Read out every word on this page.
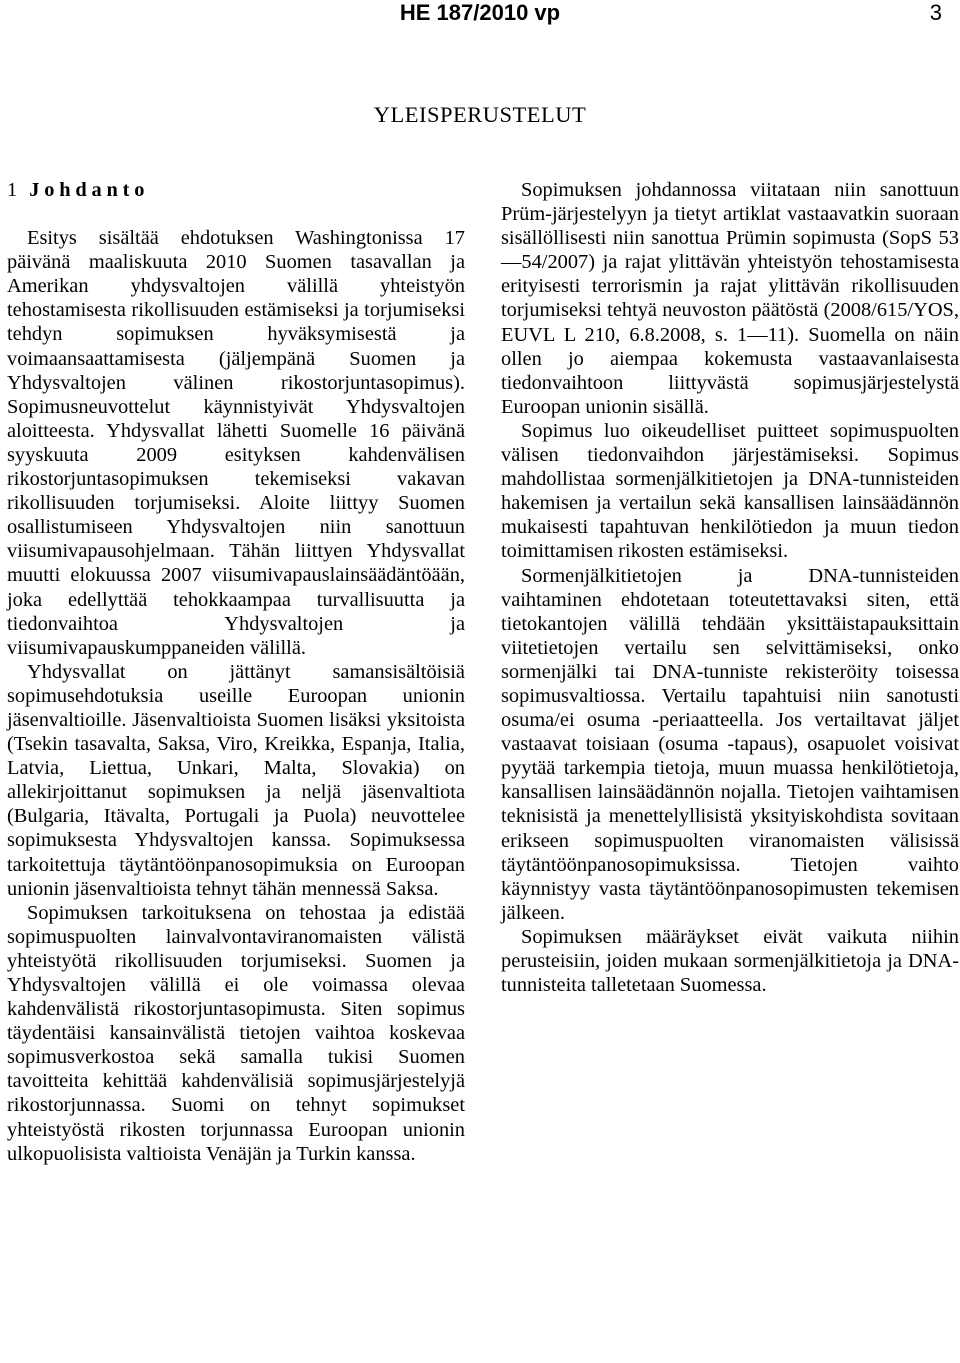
HE 187/2010 vp	3
YLEISPERUSTELUT
1 Johdanto

Esitys sisältää ehdotuksen Washingtonissa 17 päivänä maaliskuuta 2010 Suomen tasavallan ja Amerikan yhdysvaltojen välillä yhteistyön tehostamisesta rikollisuuden estämiseksi ja torjumiseksi tehdyn sopimuksen hyväksymisestä ja voimaansaattamisesta (jäljempänä Suomen ja Yhdysvaltojen välinen rikostorjuntasopimus). Sopimusneuvottelut käynnistyivät Yhdysvaltojen aloitteesta. Yhdysvallat lähetti Suomelle 16 päivänä syyskuuta 2009 esityksen kahdenvälisen rikostorjuntasopimuksen tekemiseksi vakavan rikollisuuden torjumiseksi. Aloite liittyy Suomen osallistumiseen Yhdysvaltojen niin sanottuun viisumivapausohjelmaan. Tähän liittyen Yhdysvallat muutti elokuussa 2007 viisumivapauslainsäädäntöään, joka edellyttää tehokkaampaa turvallisuutta ja tiedonvaihtoa Yhdysvaltojen ja viisumivapauskumppaneiden välillä.

Yhdysvallat on jättänyt samansisältöisiä sopimusehdotuksia useille Euroopan unionin jäsenvaltioille. Jäsenvaltioista Suomen lisäksi yksitoista (Tsekin tasavalta, Saksa, Viro, Kreikka, Espanja, Italia, Latvia, Liettua, Unkari, Malta, Slovakia) on allekirjoittanut sopimuksen ja neljä jäsenvaltiota (Bulgaria, Itävalta, Portugali ja Puola) neuvottelee sopimuksesta Yhdysvaltojen kanssa. Sopimuksessa tarkoitettuja täytäntöönpanosopimuksia on Euroopan unionin jäsenvaltioista tehnyt tähän mennessä Saksa.

Sopimuksen tarkoituksena on tehostaa ja edistää sopimuspuolten lainvalvontaviranomaisten välistä yhteistyötä rikollisuuden torjumiseksi. Suomen ja Yhdysvaltojen välillä ei ole voimassa olevaa kahdenvälistä rikostorjuntasopimusta. Siten sopimus täydentäisi kansainvälistä tietojen vaihtoa koskevaa sopimusverkostoa sekä samalla tukisi Suomen tavoitteita kehittää kahdenvälisiä sopimusjärjestelyjä rikostorjunnassa. Suomi on tehnyt sopimukset yhteistyöstä rikosten torjunnassa Euroopan unionin ulkopuolisista valtioista Venäjän ja Turkin kanssa.

Sopimuksen johdannossa viitataan niin sanottuun Prüm-järjestelyyn ja tietyt artiklat vastaavatkin suoraan sisällöllisesti niin sanottua Prümin sopimusta (SopS 53—54/2007) ja rajat ylittävän yhteistyön tehostamisesta erityisesti terrorismin ja rajat ylittävän rikollisuuden torjumiseksi tehtyä neuvoston päätöstä (2008/615/YOS, EUVL L 210, 6.8.2008, s. 1—11). Suomella on näin ollen jo aiempaa kokemusta vastaavanlaisesta tiedonvaihtoon liittyvästä sopimusjärjestelystä Euroopan unionin sisällä.

Sopimus luo oikeudelliset puitteet sopimuspuolten välisen tiedonvaihdon järjestämiseksi. Sopimus mahdollistaa sormenjälkitietojen ja DNA-tunnisteiden hakemisen ja vertailun sekä kansallisen lainsäädännön mukaisesti tapahtuvan henkilötiedon ja muun tiedon toimittamisen rikosten estämiseksi.

Sormenjälkitietojen ja DNA-tunnisteiden vaihtaminen ehdotetaan toteutettavaksi siten, että tietokantojen välillä tehdään yksittäistapauksittain viitetietojen vertailu sen selvittämiseksi, onko sormenjälki tai DNA-tunniste rekisteröity toisessa sopimusvaltiossa. Vertailu tapahtuisi niin sanotusti osuma/ei osuma -periaatteella. Jos vertailtavat jäljet vastaavat toisiaan (osuma -tapaus), osapuolet voisivat pyytää tarkempia tietoja, muun muassa henkilötietoja, kansallisen lainsäädännön nojalla. Tietojen vaihtamisen teknisistä ja menettelyllisistä yksityiskohdista sovitaan erikseen sopimuspuolten viranomaisten välisissä täytäntöönpanosopimuksissa. Tietojen vaihto käynnistyy vasta täytäntöönpanosopimusten tekemisen jälkeen.

Sopimuksen määräykset eivät vaikuta niihin perusteisiin, joiden mukaan sormenjälkitietoja ja DNA-tunnisteita talletetaan Suomessa.
